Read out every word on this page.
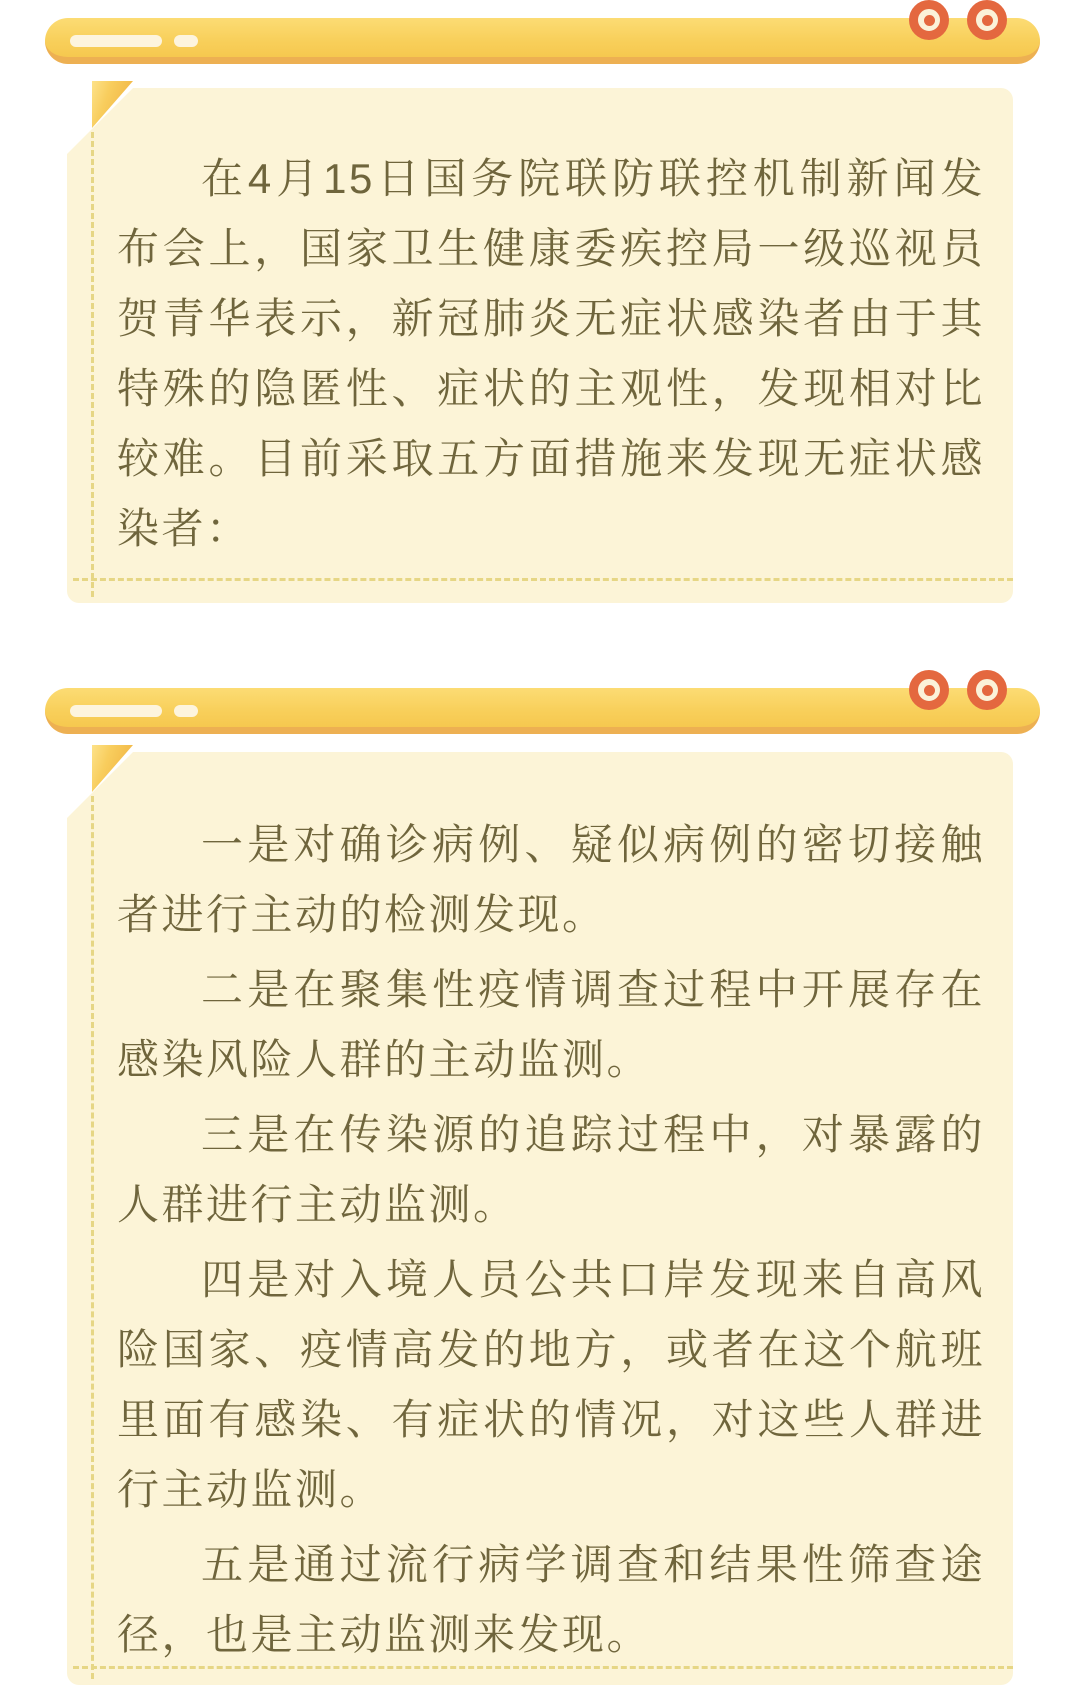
在4月15日国务院联防联控机制新闻发布会上，国家卫生健康委疾控局一级巡视员贺青华表示，新冠肺炎无症状感染者由于其特殊的隐匿性、症状的主观性，发现相对比较难。目前采取五方面措施来发现无症状感染者：

一是对确诊病例、疑似病例的密切接触者进行主动的检测发现。

二是在聚集性疫情调查过程中开展存在感染风险人群的主动监测。

三是在传染源的追踪过程中，对暴露的人群进行主动监测。

四是对入境人员公共口岸发现来自高风险国家、疫情高发的地方，或者在这个航班里面有感染、有症状的情况，对这些人群进行主动监测。

五是通过流行病学调查和结果性筛查途径，也是主动监测来发现。
